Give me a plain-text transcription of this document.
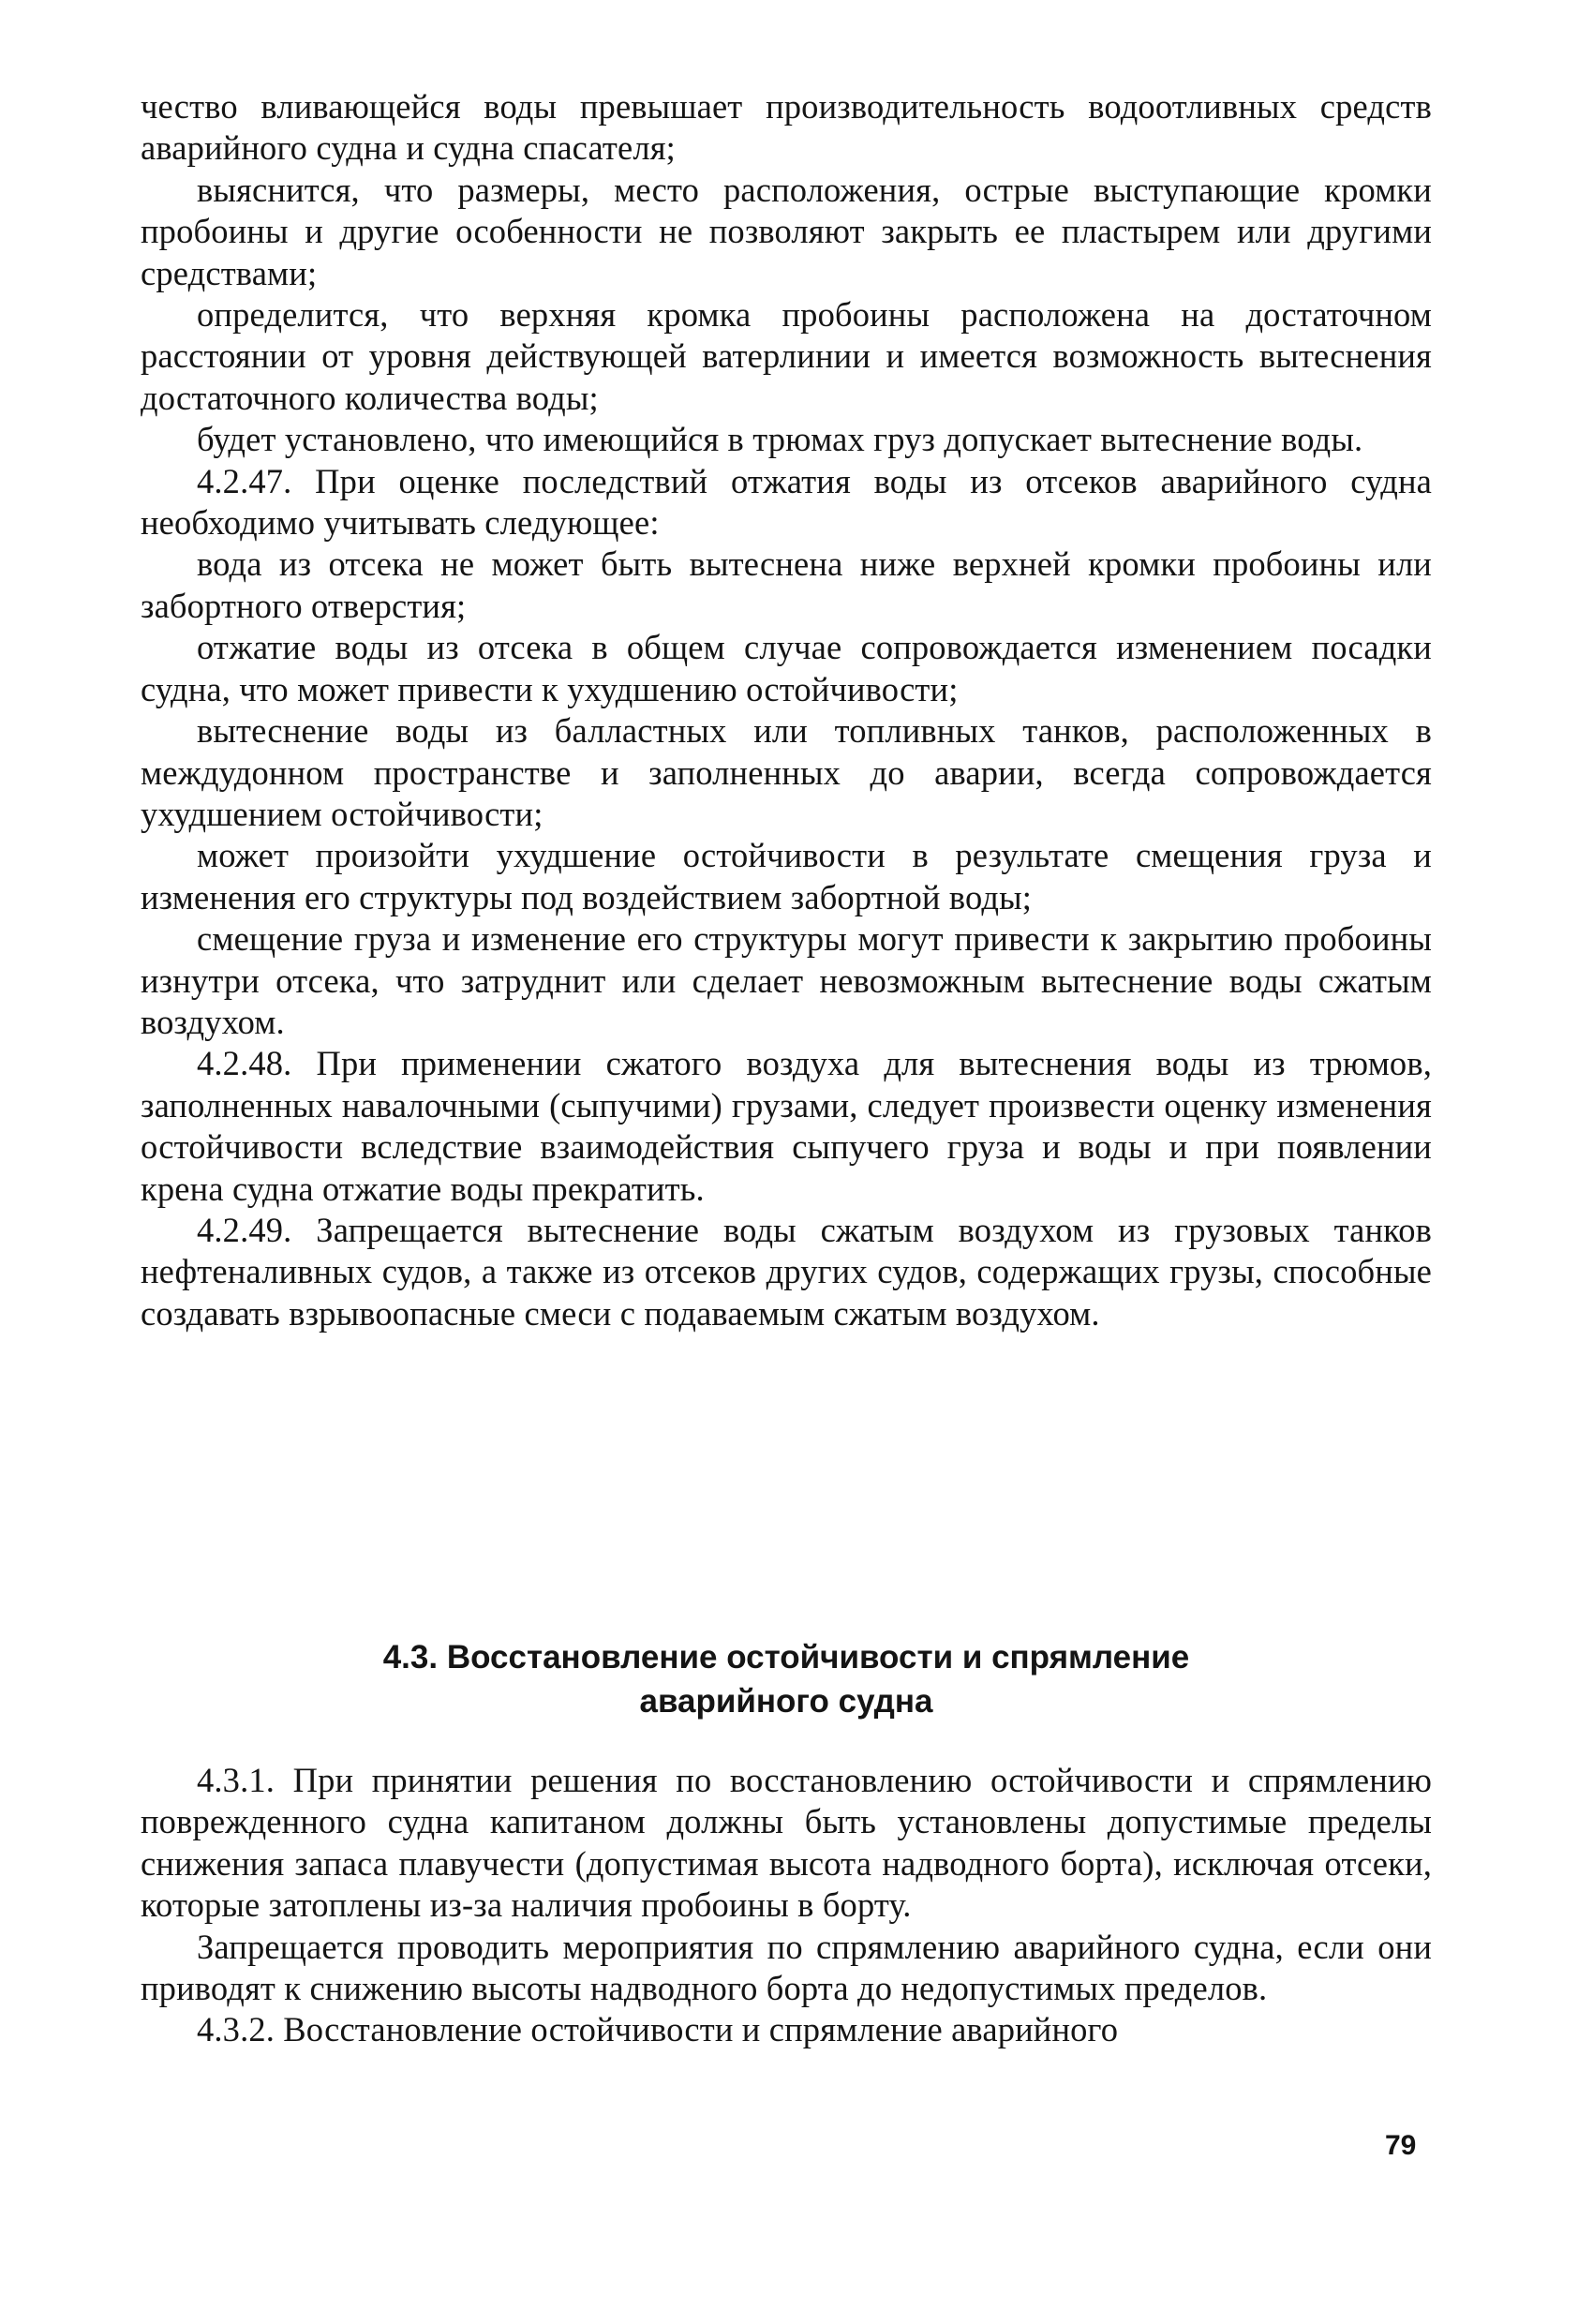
чество вливающейся воды превышает производительность водоотливных средств аварийного судна и судна спасателя;

выяснится, что размеры, место расположения, острые выступающие кромки пробоины и другие особенности не позволяют закрыть ее пластырем или другими средствами;

определится, что верхняя кромка пробоины расположена на достаточном расстоянии от уровня действующей ватерлинии и имеется возможность вытеснения достаточного количества воды;

будет установлено, что имеющийся в трюмах груз допускает вытеснение воды.

4.2.47. При оценке последствий отжатия воды из отсеков аварийного судна необходимо учитывать следующее:

вода из отсека не может быть вытеснена ниже верхней кромки пробоины или забортного отверстия;

отжатие воды из отсека в общем случае сопровождается изменением посадки судна, что может привести к ухудшению остойчивости;

вытеснение воды из балластных или топливных танков, расположенных в междудонном пространстве и заполненных до аварии, всегда сопровождается ухудшением остойчивости;

может произойти ухудшение остойчивости в результате смещения груза и изменения его структуры под воздействием забортной воды;

смещение груза и изменение его структуры могут привести к закрытию пробоины изнутри отсека, что затруднит или сделает невозможным вытеснение воды сжатым воздухом.

4.2.48. При применении сжатого воздуха для вытеснения воды из трюмов, заполненных навалочными (сыпучими) грузами, следует произвести оценку изменения остойчивости вследствие взаимодействия сыпучего груза и воды и при появлении крена судна отжатие воды прекратить.

4.2.49. Запрещается вытеснение воды сжатым воздухом из грузовых танков нефтеналивных судов, а также из отсеков других судов, содержащих грузы, способные создавать взрывоопасные смеси с подаваемым сжатым воздухом.

4.3. Восстановление остойчивости и спрямление
аварийного судна

4.3.1. При принятии решения по восстановлению остойчивости и спрямлению поврежденного судна капитаном должны быть установлены допустимые пределы снижения запаса плавучести (допустимая высота надводного борта), исключая отсеки, которые затоплены из-за наличия пробоины в борту.

Запрещается проводить мероприятия по спрямлению аварийного судна, если они приводят к снижению высоты надводного борта до недопустимых пределов.

4.3.2. Восстановление остойчивости и спрямление аварийного

79
